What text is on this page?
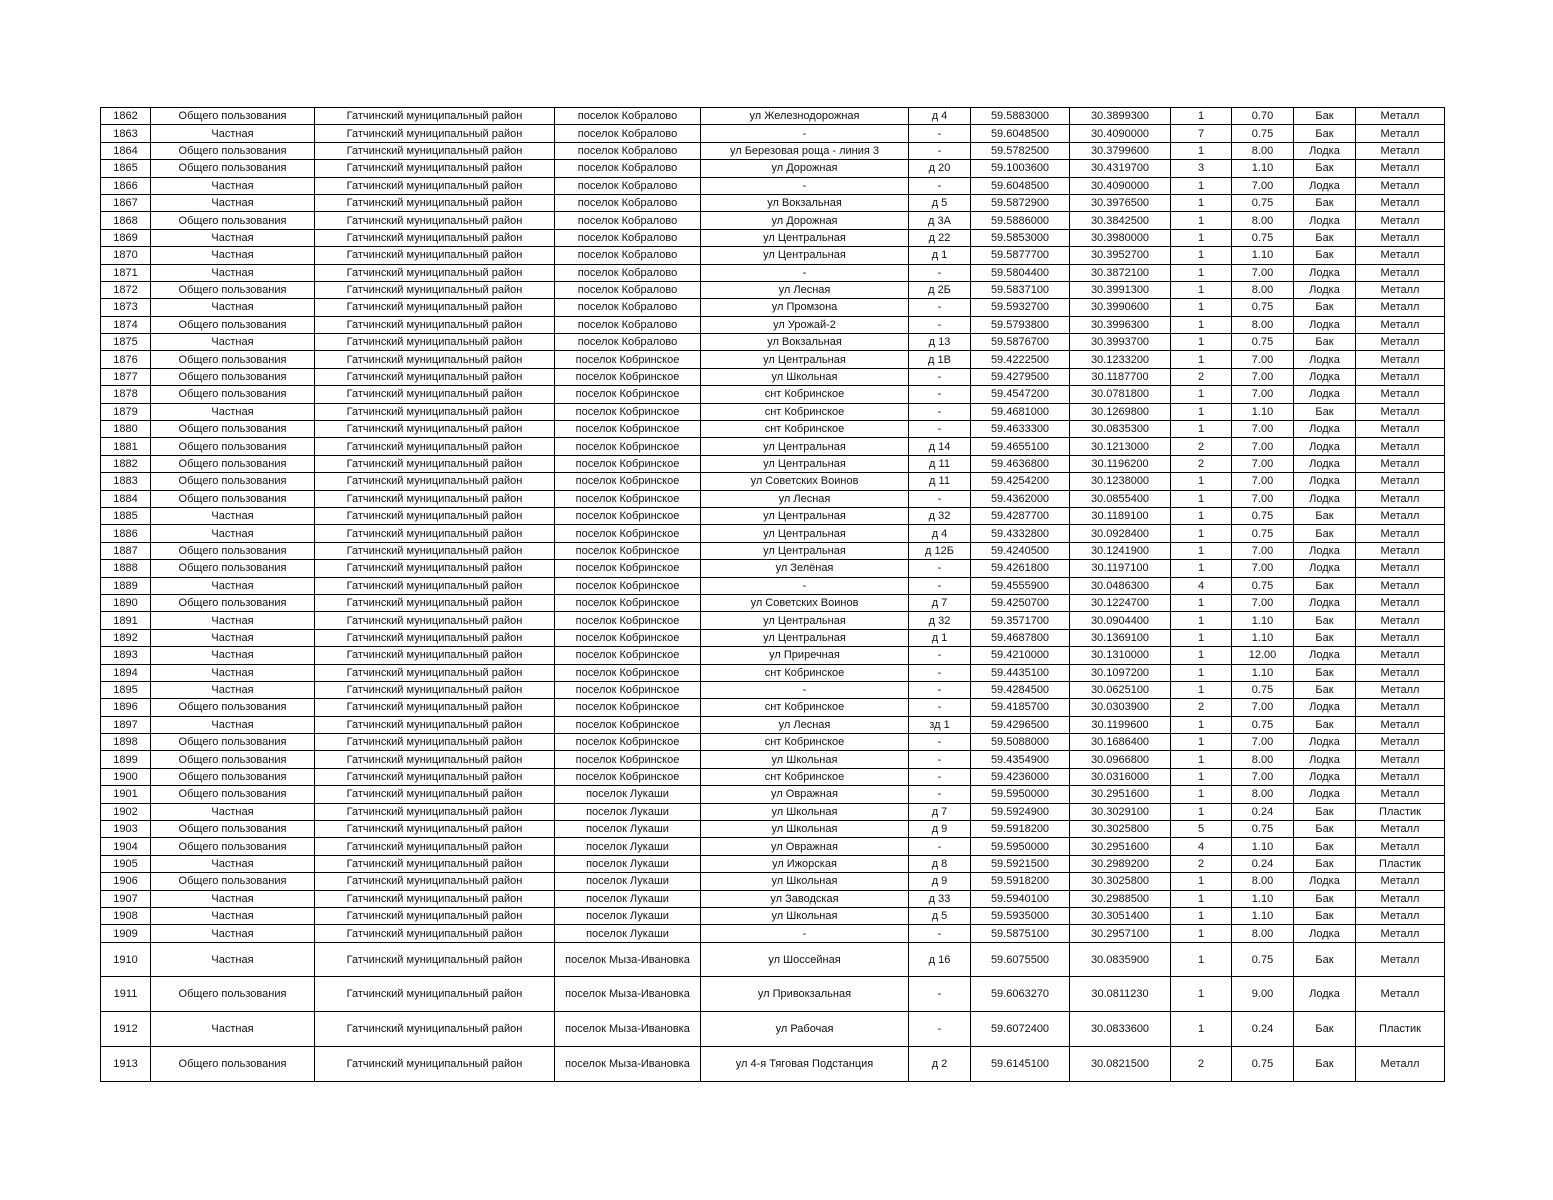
1862	Общего пользования	Гатчинский муниципальный район	поселок Кобралово	ул Железнодорожная	д 4	59.5883000	30.3899300	1	0.70	Бак	Металл
1863	Частная	Гатчинский муниципальный район	поселок Кобралово	-	-	59.6048500	30.4090000	7	0.75	Бак	Металл
1864	Общего пользования	Гатчинский муниципальный район	поселок Кобралово	ул Березовая роща - линия 3	-	59.5782500	30.3799600	1	8.00	Лодка	Металл
1865	Общего пользования	Гатчинский муниципальный район	поселок Кобралово	ул Дорожная	д 20	59.1003600	30.4319700	3	1.10	Бак	Металл
1866	Частная	Гатчинский муниципальный район	поселок Кобралово	-	-	59.6048500	30.4090000	1	7.00	Лодка	Металл
1867	Частная	Гатчинский муниципальный район	поселок Кобралово	ул Вокзальная	д 5	59.5872900	30.3976500	1	0.75	Бак	Металл
1868	Общего пользования	Гатчинский муниципальный район	поселок Кобралово	ул Дорожная	д 3А	59.5886000	30.3842500	1	8.00	Лодка	Металл
1869	Частная	Гатчинский муниципальный район	поселок Кобралово	ул Центральная	д 22	59.5853000	30.3980000	1	0.75	Бак	Металл
1870	Частная	Гатчинский муниципальный район	поселок Кобралово	ул Центральная	д 1	59.5877700	30.3952700	1	1.10	Бак	Металл
1871	Частная	Гатчинский муниципальный район	поселок Кобралово	-	-	59.5804400	30.3872100	1	7.00	Лодка	Металл
1872	Общего пользования	Гатчинский муниципальный район	поселок Кобралово	ул Лесная	д 2Б	59.5837100	30.3991300	1	8.00	Лодка	Металл
1873	Частная	Гатчинский муниципальный район	поселок Кобралово	ул Промзона	-	59.5932700	30.3990600	1	0.75	Бак	Металл
1874	Общего пользования	Гатчинский муниципальный район	поселок Кобралово	ул Урожай-2	-	59.5793800	30.3996300	1	8.00	Лодка	Металл
1875	Частная	Гатчинский муниципальный район	поселок Кобралово	ул Вокзальная	д 13	59.5876700	30.3993700	1	0.75	Бак	Металл
1876	Общего пользования	Гатчинский муниципальный район	поселок Кобринское	ул Центральная	д 1В	59.4222500	30.1233200	1	7.00	Лодка	Металл
1877	Общего пользования	Гатчинский муниципальный район	поселок Кобринское	ул Школьная	-	59.4279500	30.1187700	2	7.00	Лодка	Металл
1878	Общего пользования	Гатчинский муниципальный район	поселок Кобринское	снт Кобринское	-	59.4547200	30.0781800	1	7.00	Лодка	Металл
1879	Частная	Гатчинский муниципальный район	поселок Кобринское	снт Кобринское	-	59.4681000	30.1269800	1	1.10	Бак	Металл
1880	Общего пользования	Гатчинский муниципальный район	поселок Кобринское	снт Кобринское	-	59.4633300	30.0835300	1	7.00	Лодка	Металл
1881	Общего пользования	Гатчинский муниципальный район	поселок Кобринское	ул Центральная	д 14	59.4655100	30.1213000	2	7.00	Лодка	Металл
1882	Общего пользования	Гатчинский муниципальный район	поселок Кобринское	ул Центральная	д 11	59.4636800	30.1196200	2	7.00	Лодка	Металл
1883	Общего пользования	Гатчинский муниципальный район	поселок Кобринское	ул Советских Воинов	д 11	59.4254200	30.1238000	1	7.00	Лодка	Металл
1884	Общего пользования	Гатчинский муниципальный район	поселок Кобринское	ул Лесная	-	59.4362000	30.0855400	1	7.00	Лодка	Металл
1885	Частная	Гатчинский муниципальный район	поселок Кобринское	ул Центральная	д 32	59.4287700	30.1189100	1	0.75	Бак	Металл
1886	Частная	Гатчинский муниципальный район	поселок Кобринское	ул Центральная	д 4	59.4332800	30.0928400	1	0.75	Бак	Металл
1887	Общего пользования	Гатчинский муниципальный район	поселок Кобринское	ул Центральная	д 12Б	59.4240500	30.1241900	1	7.00	Лодка	Металл
1888	Общего пользования	Гатчинский муниципальный район	поселок Кобринское	ул Зелёная	-	59.4261800	30.1197100	1	7.00	Лодка	Металл
1889	Частная	Гатчинский муниципальный район	поселок Кобринское	-	-	59.4555900	30.0486300	4	0.75	Бак	Металл
1890	Общего пользования	Гатчинский муниципальный район	поселок Кобринское	ул Советских Воинов	д 7	59.4250700	30.1224700	1	7.00	Лодка	Металл
1891	Частная	Гатчинский муниципальный район	поселок Кобринское	ул Центральная	д 32	59.3571700	30.0904400	1	1.10	Бак	Металл
1892	Частная	Гатчинский муниципальный район	поселок Кобринское	ул Центральная	д 1	59.4687800	30.1369100	1	1.10	Бак	Металл
1893	Частная	Гатчинский муниципальный район	поселок Кобринское	ул Приречная	-	59.4210000	30.1310000	1	12.00	Лодка	Металл
1894	Частная	Гатчинский муниципальный район	поселок Кобринское	снт Кобринское	-	59.4435100	30.1097200	1	1.10	Бак	Металл
1895	Частная	Гатчинский муниципальный район	поселок Кобринское	-	-	59.4284500	30.0625100	1	0.75	Бак	Металл
1896	Общего пользования	Гатчинский муниципальный район	поселок Кобринское	снт Кобринское	-	59.4185700	30.0303900	2	7.00	Лодка	Металл
1897	Частная	Гатчинский муниципальный район	поселок Кобринское	ул Лесная	зд 1	59.4296500	30.1199600	1	0.75	Бак	Металл
1898	Общего пользования	Гатчинский муниципальный район	поселок Кобринское	снт Кобринское	-	59.5088000	30.1686400	1	7.00	Лодка	Металл
1899	Общего пользования	Гатчинский муниципальный район	поселок Кобринское	ул Школьная	-	59.4354900	30.0966800	1	8.00	Лодка	Металл
1900	Общего пользования	Гатчинский муниципальный район	поселок Кобринское	снт Кобринское	-	59.4236000	30.0316000	1	7.00	Лодка	Металл
1901	Общего пользования	Гатчинский муниципальный район	поселок Лукаши	ул Овражная	-	59.5950000	30.2951600	1	8.00	Лодка	Металл
1902	Частная	Гатчинский муниципальный район	поселок Лукаши	ул Школьная	д 7	59.5924900	30.3029100	1	0.24	Бак	Пластик
1903	Общего пользования	Гатчинский муниципальный район	поселок Лукаши	ул Школьная	д 9	59.5918200	30.3025800	5	0.75	Бак	Металл
1904	Общего пользования	Гатчинский муниципальный район	поселок Лукаши	ул Овражная	-	59.5950000	30.2951600	4	1.10	Бак	Металл
1905	Частная	Гатчинский муниципальный район	поселок Лукаши	ул Ижорская	д 8	59.5921500	30.2989200	2	0.24	Бак	Пластик
1906	Общего пользования	Гатчинский муниципальный район	поселок Лукаши	ул Школьная	д 9	59.5918200	30.3025800	1	8.00	Лодка	Металл
1907	Частная	Гатчинский муниципальный район	поселок Лукаши	ул Заводская	д 33	59.5940100	30.2988500	1	1.10	Бак	Металл
1908	Частная	Гатчинский муниципальный район	поселок Лукаши	ул Школьная	д 5	59.5935000	30.3051400	1	1.10	Бак	Металл
1909	Частная	Гатчинский муниципальный район	поселок Лукаши	-	-	59.5875100	30.2957100	1	8.00	Лодка	Металл
1910	Частная	Гатчинский муниципальный район	поселок Мыза-Ивановка	ул Шоссейная	д 16	59.6075500	30.0835900	1	0.75	Бак	Металл
1911	Общего пользования	Гатчинский муниципальный район	поселок Мыза-Ивановка	ул Привокзальная	-	59.6063270	30.0811230	1	9.00	Лодка	Металл
1912	Частная	Гатчинский муниципальный район	поселок Мыза-Ивановка	ул Рабочая	-	59.6072400	30.0833600	1	0.24	Бак	Пластик
1913	Общего пользования	Гатчинский муниципальный район	поселок Мыза-Ивановка	ул 4-я Тяговая Подстанция	д 2	59.6145100	30.0821500	2	0.75	Бак	Металл
